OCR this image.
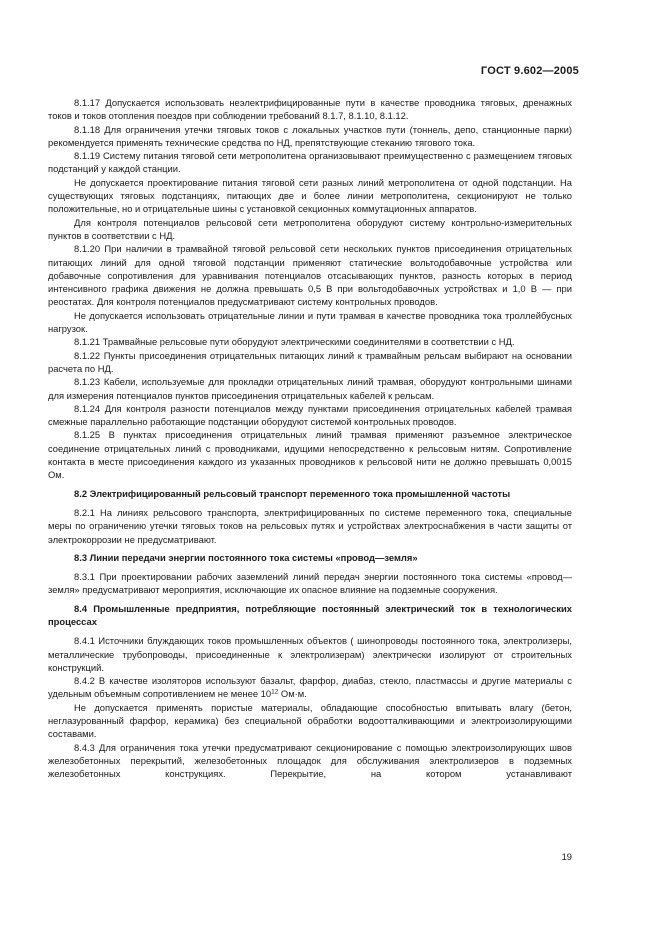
ГОСТ 9.602—2005

8.1.17 Допускается использовать неэлектрифицированные пути в качестве проводника тяговых, дренажных токов и токов отопления поездов при соблюдении требований 8.1.7, 8.1.10, 8.1.12.

8.1.18 Для ограничения утечки тяговых токов с локальных участков пути (тоннель, депо, станционные парки) рекомендуется применять технические средства по НД, препятствующие стеканию тягового тока.

8.1.19 Систему питания тяговой сети метрополитена организовывают преимущественно с размещением тяговых подстанций у каждой станции.

Не допускается проектирование питания тяговой сети разных линий метрополитена от одной подстанции. На существующих тяговых подстанциях, питающих две и более линии метрополитена, секционируют не только положительные, но и отрицательные шины с установкой секционных коммутационных аппаратов.

Для контроля потенциалов рельсовой сети метрополитена оборудуют систему контрольно-измерительных пунктов в соответствии с НД.

8.1.20 При наличии в трамвайной тяговой рельсовой сети нескольких пунктов присоединения отрицательных питающих линий для одной тяговой подстанции применяют статические вольтодобавочные устройства или добавочные сопротивления для уравнивания потенциалов отсасывающих пунктов, разность которых в период интенсивного графика движения не должна превышать 0,5 В при вольтодобавочных устройствах и 1,0 В — при реостатах. Для контроля потенциалов предусматривают систему контрольных проводов.

Не допускается использовать отрицательные линии и пути трамвая в качестве проводника тока троллейбусных нагрузок.

8.1.21 Трамвайные рельсовые пути оборудуют электрическими соединителями в соответствии с НД.

8.1.22 Пункты присоединения отрицательных питающих линий к трамвайным рельсам выбирают на основании расчета по НД.

8.1.23 Кабели, используемые для прокладки отрицательных линий трамвая, оборудуют контрольными шинами для измерения потенциалов пунктов присоединения отрицательных кабелей к рельсам.

8.1.24 Для контроля разности потенциалов между пунктами присоединения отрицательных кабелей трамвая смежные параллельно работающие подстанции оборудуют системой контрольных проводов.

8.1.25 В пунктах присоединения отрицательных линий трамвая применяют разъемное электрическое соединение отрицательных линий с проводниками, идущими непосредственно к рельсовым нитям. Сопротивление контакта в месте присоединения каждого из указанных проводников к рельсовой нити не должно превышать 0,0015 Ом.

8.2 Электрифицированный рельсовый транспорт переменного тока промышленной частоты

8.2.1 На линиях рельсового транспорта, электрифицированных по системе переменного тока, специальные меры по ограничению утечки тяговых токов на рельсовых путях и устройствах электроснабжения в части защиты от электрокоррозии не предусматривают.

8.3 Линии передачи энергии постоянного тока системы «провод—земля»

8.3.1 При проектировании рабочих заземлений линий передач энергии постоянного тока системы «провод—земля» предусматривают мероприятия, исключающие их опасное влияние на подземные сооружения.

8.4 Промышленные предприятия, потребляющие постоянный электрический ток в технологических процессах

8.4.1 Источники блуждающих токов промышленных объектов ( шинопроводы постоянного тока, электролизеры, металлические трубопроводы, присоединенные к электролизерам) электрически изолируют от строительных конструкций.

8.4.2 В качестве изоляторов используют базальт, фарфор, диабаз, стекло, пластмассы и другие материалы с удельным объемным сопротивлением не менее $10^{12}$ Ом·м.

Не допускается применять пористые материалы, обладающие способностью впитывать влагу (бетон, неглазурованный фарфор, керамика) без специальной обработки водоотталкивающими и электроизолирующими составами.

8.4.3 Для ограничения тока утечки предусматривают секционирование с помощью электроизолирующих швов железобетонных перекрытий, железобетонных площадок для обслуживания электролизеров в подземных железобетонных конструкциях. Перекрытие, на котором устанавливают

19
